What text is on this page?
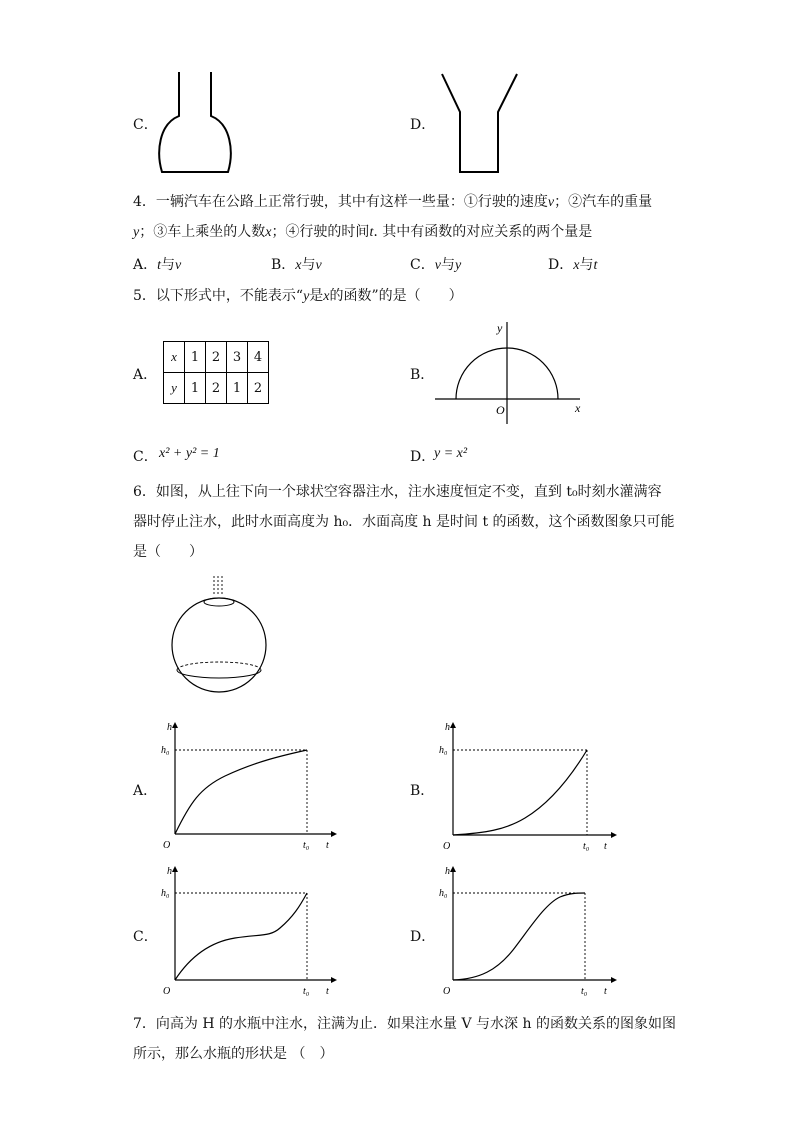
C．	D．
4．一辆汽车在公路上正常行驶，其中有这样一些量：①行驶的速度v；②汽车的重量
y；③车上乘坐的人数x；④行驶的时间t. 其中有函数的对应关系的两个量是
A．t与v	B．x与v	C．v与y	D．x与t
5．以下形式中，不能表示“y是x的函数”的是（　　）
A．
x	1	2	3	4
y	1	2	1	2
B．
y
x
O
C． x² + y² = 1	D．
y = x²
6．如图，从上往下向一个球状空容器注水，注水速度恒定不变，直到 t₀时刻水灌满容
器时停止注水，此时水面高度为 h₀．水面高度 h 是时间 t 的函数，这个函数图象只可能
是（　　）
A．
h
h₀
O	t₀ t
B．
h
h₀
O	t₀ t
C．
h
h₀
O	t₀ t
D．
h
h₀
O	t₀ t
7．向高为 H 的水瓶中注水，注满为止．如果注水量 V 与水深 h 的函数关系的图象如图
所示，那么水瓶的形状是 （　）
